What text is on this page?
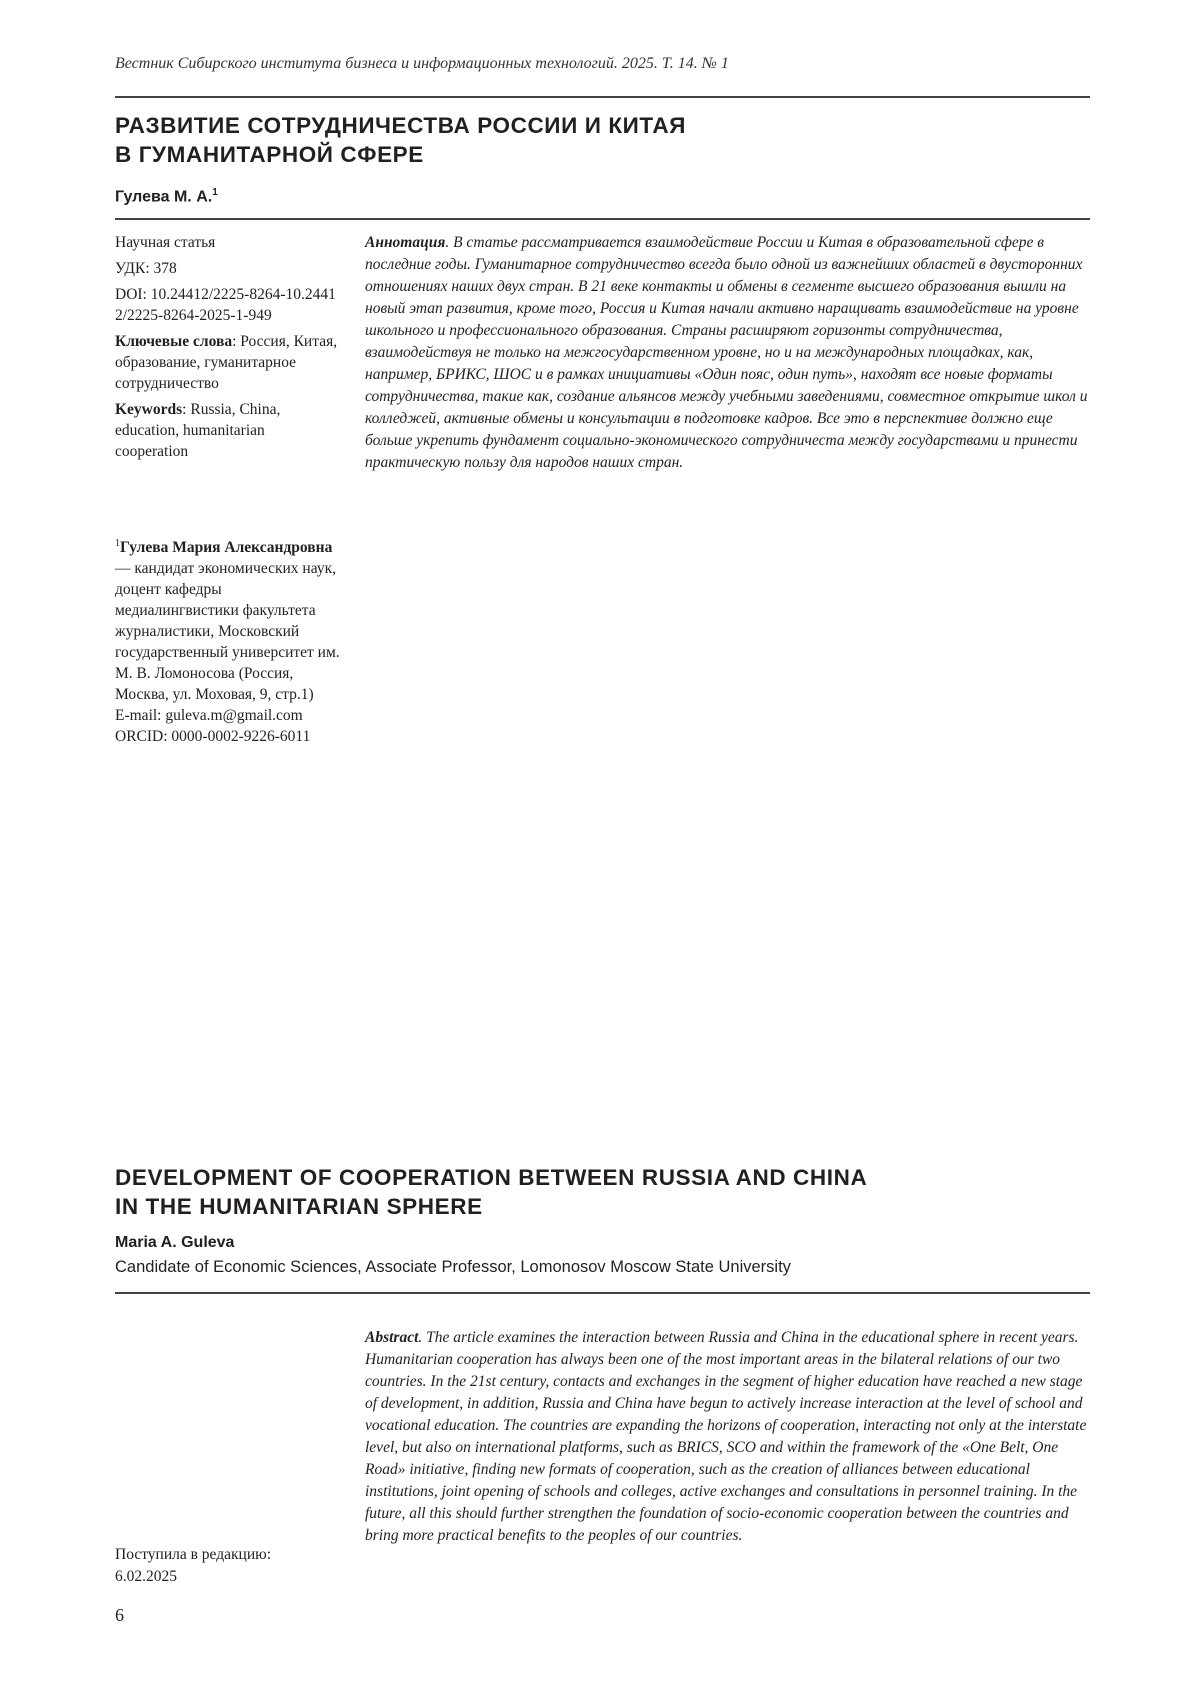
Вестник Сибирского института бизнеса и информационных технологий. 2025. Т. 14. № 1
РАЗВИТИЕ СОТРУДНИЧЕСТВА РОССИИ И КИТАЯ
В ГУМАНИТАРНОЙ СФЕРЕ
Гулева М. А.1

Научная статья

УДК: 378

DOI: 10.24412/2225-8264-10.24412/2225-8264-2025-1-949

Ключевые слова: Россия, Китая, образование, гуманитарное сотрудничество

Keywords: Russia, China, education, humanitarian cooperation

1Гулева Мария Александровна — кандидат экономических наук, доцент кафедры медиалингвистики факультета журналистики, Московский государственный университет им. М. В. Ломоносова (Россия, Москва, ул. Моховая, 9, стр.1)

E-mail: guleva.m@gmail.com

ORCID: 0000-0002-9226-6011

Аннотация. В статье рассматривается взаимодействие России и Китая в образовательной сфере в последние годы. Гуманитарное сотрудничество всегда было одной из важнейших областей в двусторонних отношениях наших двух стран. В 21 веке контакты и обмены в сегменте высшего образования вышли на новый этап развития, кроме того, Россия и Китая начали активно наращивать взаимодействие на уровне школьного и профессионального образования. Страны расширяют горизонты сотрудничества, взаимодействуя не только на межгосударственном уровне, но и на международных площадках, как, например, БРИКС, ШОС и в рамках инициативы «Один пояс, один путь», находят все новые форматы сотрудничества, такие как, создание альянсов между учебными заведениями, совместное открытие школ и колледжей, активные обмены и консультации в подготовке кадров. Все это в перспективе должно еще больше укрепить фундамент социально-экономического сотрудничеста между государствами и принести практическую пользу для народов наших стран.
DEVELOPMENT OF COOPERATION BETWEEN RUSSIA AND CHINA
IN THE HUMANITARIAN SPHERE
Maria A. Guleva
Candidate of Economic Sciences, Associate Professor, Lomonosov Moscow State University
Abstract. The article examines the interaction between Russia and China in the educational sphere in recent years. Humanitarian cooperation has always been one of the most important areas in the bilateral relations of our two countries. In the 21st century, contacts and exchanges in the segment of higher education have reached a new stage of development, in addition, Russia and China have begun to actively increase interaction at the level of school and vocational education. The countries are expanding the horizons of cooperation, interacting not only at the interstate level, but also on international platforms, such as BRICS, SCO and within the framework of the «One Belt, One Road» initiative, finding new formats of cooperation, such as the creation of alliances between educational institutions, joint opening of schools and colleges, active exchanges and consultations in personnel training. In the future, all this should further strengthen the foundation of socio-economic cooperation between the countries and bring more practical benefits to the peoples of our countries.

Поступила в редакцию:

6.02.2025

6
